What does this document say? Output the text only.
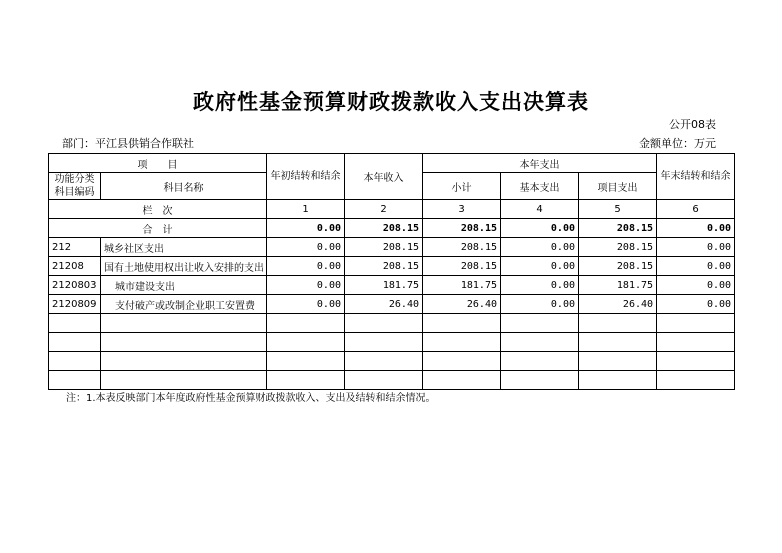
政府性基金预算财政拨款收入支出决算表
公开08表
部门：平江县供销合作联社	金额单位：万元
项　　目		年初结转和结余	本年收入	本年支出			年末结转和结余
功能分类科目编码	科目名称			小计	基本支出	项目支出	
栏　次		1	2	3	4	5	6
合　计		0.00	208.15	208.15	0.00	208.15	0.00
212	城乡社区支出	0.00	208.15	208.15	0.00	208.15	0.00
21208	国有土地使用权出让收入安排的支出	0.00	208.15	208.15	0.00	208.15	0.00
2120803	城市建设支出	0.00	181.75	181.75	0.00	181.75	0.00
2120809	支付破产或改制企业职工安置费	0.00	26.40	26.40	0.00	26.40	0.00

注：1.本表反映部门本年度政府性基金预算财政拨款收入、支出及结转和结余情况。
